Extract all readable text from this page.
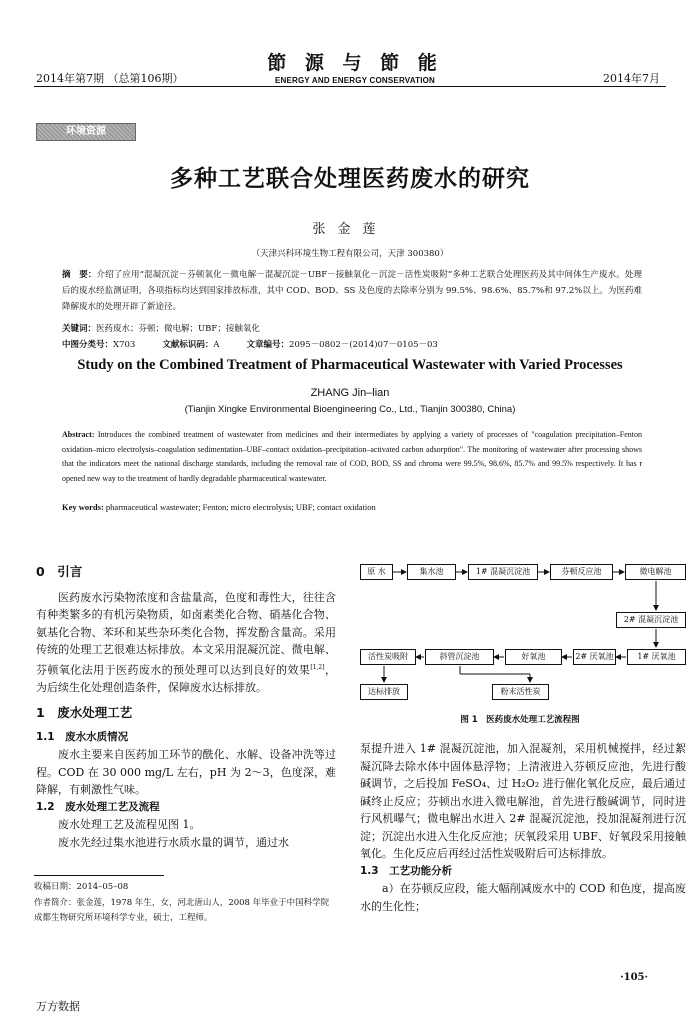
2014年第7期 （总第106期）
節 源 与 節 能
ENERGY AND ENERGY CONSERVATION	2014年7月
环境资源
多种工艺联合处理医药废水的研究
张金莲
（天津兴科环境生物工程有限公司，天津 300380）
摘　要：介绍了应用“混凝沉淀－芬顿氧化－微电解－混凝沉淀－UBF－接触氧化－沉淀－活性炭吸附”多种工艺联合处理医药及其中间体生产废水。处理后的废水经监测证明，各项指标均达到国家排放标准，其中 COD、BOD、SS 及色度的去除率分别为 99.5%、98.6%、85.7%和 97.2%以上。为医药难降解废水的处理开辟了新途径。
关键词：医药废水；芬顿；微电解；UBF；接触氧化
中图分类号：X703	文献标识码：A	文章编号：2095－0802－(2014)07－0105－03
Study on the Combined Treatment of Pharmaceutical Wastewater with Varied Processes
ZHANG Jin–lian
(Tianjin Xingke Environmental Bioengineering Co., Ltd., Tianjin 300380, China)
Abstract: Introduces the combined treatment of wastewater from medicines and their intermediates by applying a variety of processes of "coagulation precipitation–Fenton oxidation–micro electrolysis–coagulation sedimentation–UBF–contact oxidation–precipitation–activated carbon adsorption". The monitoring of wastewater after processing shows that the indicators meet the national discharge standards, including the removal rate of COD, BOD, SS and chroma were 99.5%, 98.6%, 85.7% and 99.5% respectively. It has r opened new way to the treatment of hardly degradable pharmaceutical wastewater.
Key words: pharmaceutical wastewater; Fenton; micro electrolysis; UBF; contact oxidation
0　引言
医药废水污染物浓度和含盐量高，色度和毒性大，往往含有种类繁多的有机污染物质，如卤素类化合物、硝基化合物、氨基化合物、苯环和某些杂环类化合物，挥发酚含量高。采用传统的处理工艺很难达标排放。本文采用混凝沉淀、微电解、芬顿氧化法用于医药废水的预处理可以达到良好的效果[1,2]，为后续生化处理创造条件，保障废水达标排放。
1　废水处理工艺
1.1　废水水质情况
废水主要来自医药加工环节的酰化、水解、设备冲洗等过程。COD 在 30 000 mg/L 左右，pH 为 2～3，色度深，难降解，有刺激性气味。
1.2　废水处理工艺及流程
废水处理工艺及流程见图 1。
废水先经过集水池进行水质水量的调节，通过水
原 水	集水池	1# 混凝沉淀池	芬顿反应池	微电解池
2# 混凝沉淀池
活性炭吸附	斜管沉淀池	好氧池	2# 厌氧池	1# 厌氧池
达标排放	粉末活性炭
图 1　医药废水处理工艺流程图
泵提升进入 1# 混凝沉淀池，加入混凝剂，采用机械搅拌，经过絮凝沉降去除水体中固体悬浮物；上清液进入芬顿反应池，先进行酸碱调节，之后投加 FeSO₄、过 H₂O₂ 进行催化氧化反应，最后通过碱终止反应；芬顿出水进入微电解池，首先进行酸碱调节，同时进行风机曝气；微电解出水进入 2# 混凝沉淀池，投加混凝剂进行沉淀；沉淀出水进入生化反应池；厌氧段采用 UBF、好氧段采用接触氧化。生化反应后再经过活性炭吸附后可达标排放。
1.3　工艺功能分析
a）在芬顿反应段，能大幅削减废水中的 COD 和色度，提高废水的生化性；
收稿日期：2014–05–08
作者简介：张金莲，1978 年生，女，河北唐山人，2008 年毕业于中国科学院成都生物研究所环境科学专业，硕士，工程师。
·105·
万方数据
